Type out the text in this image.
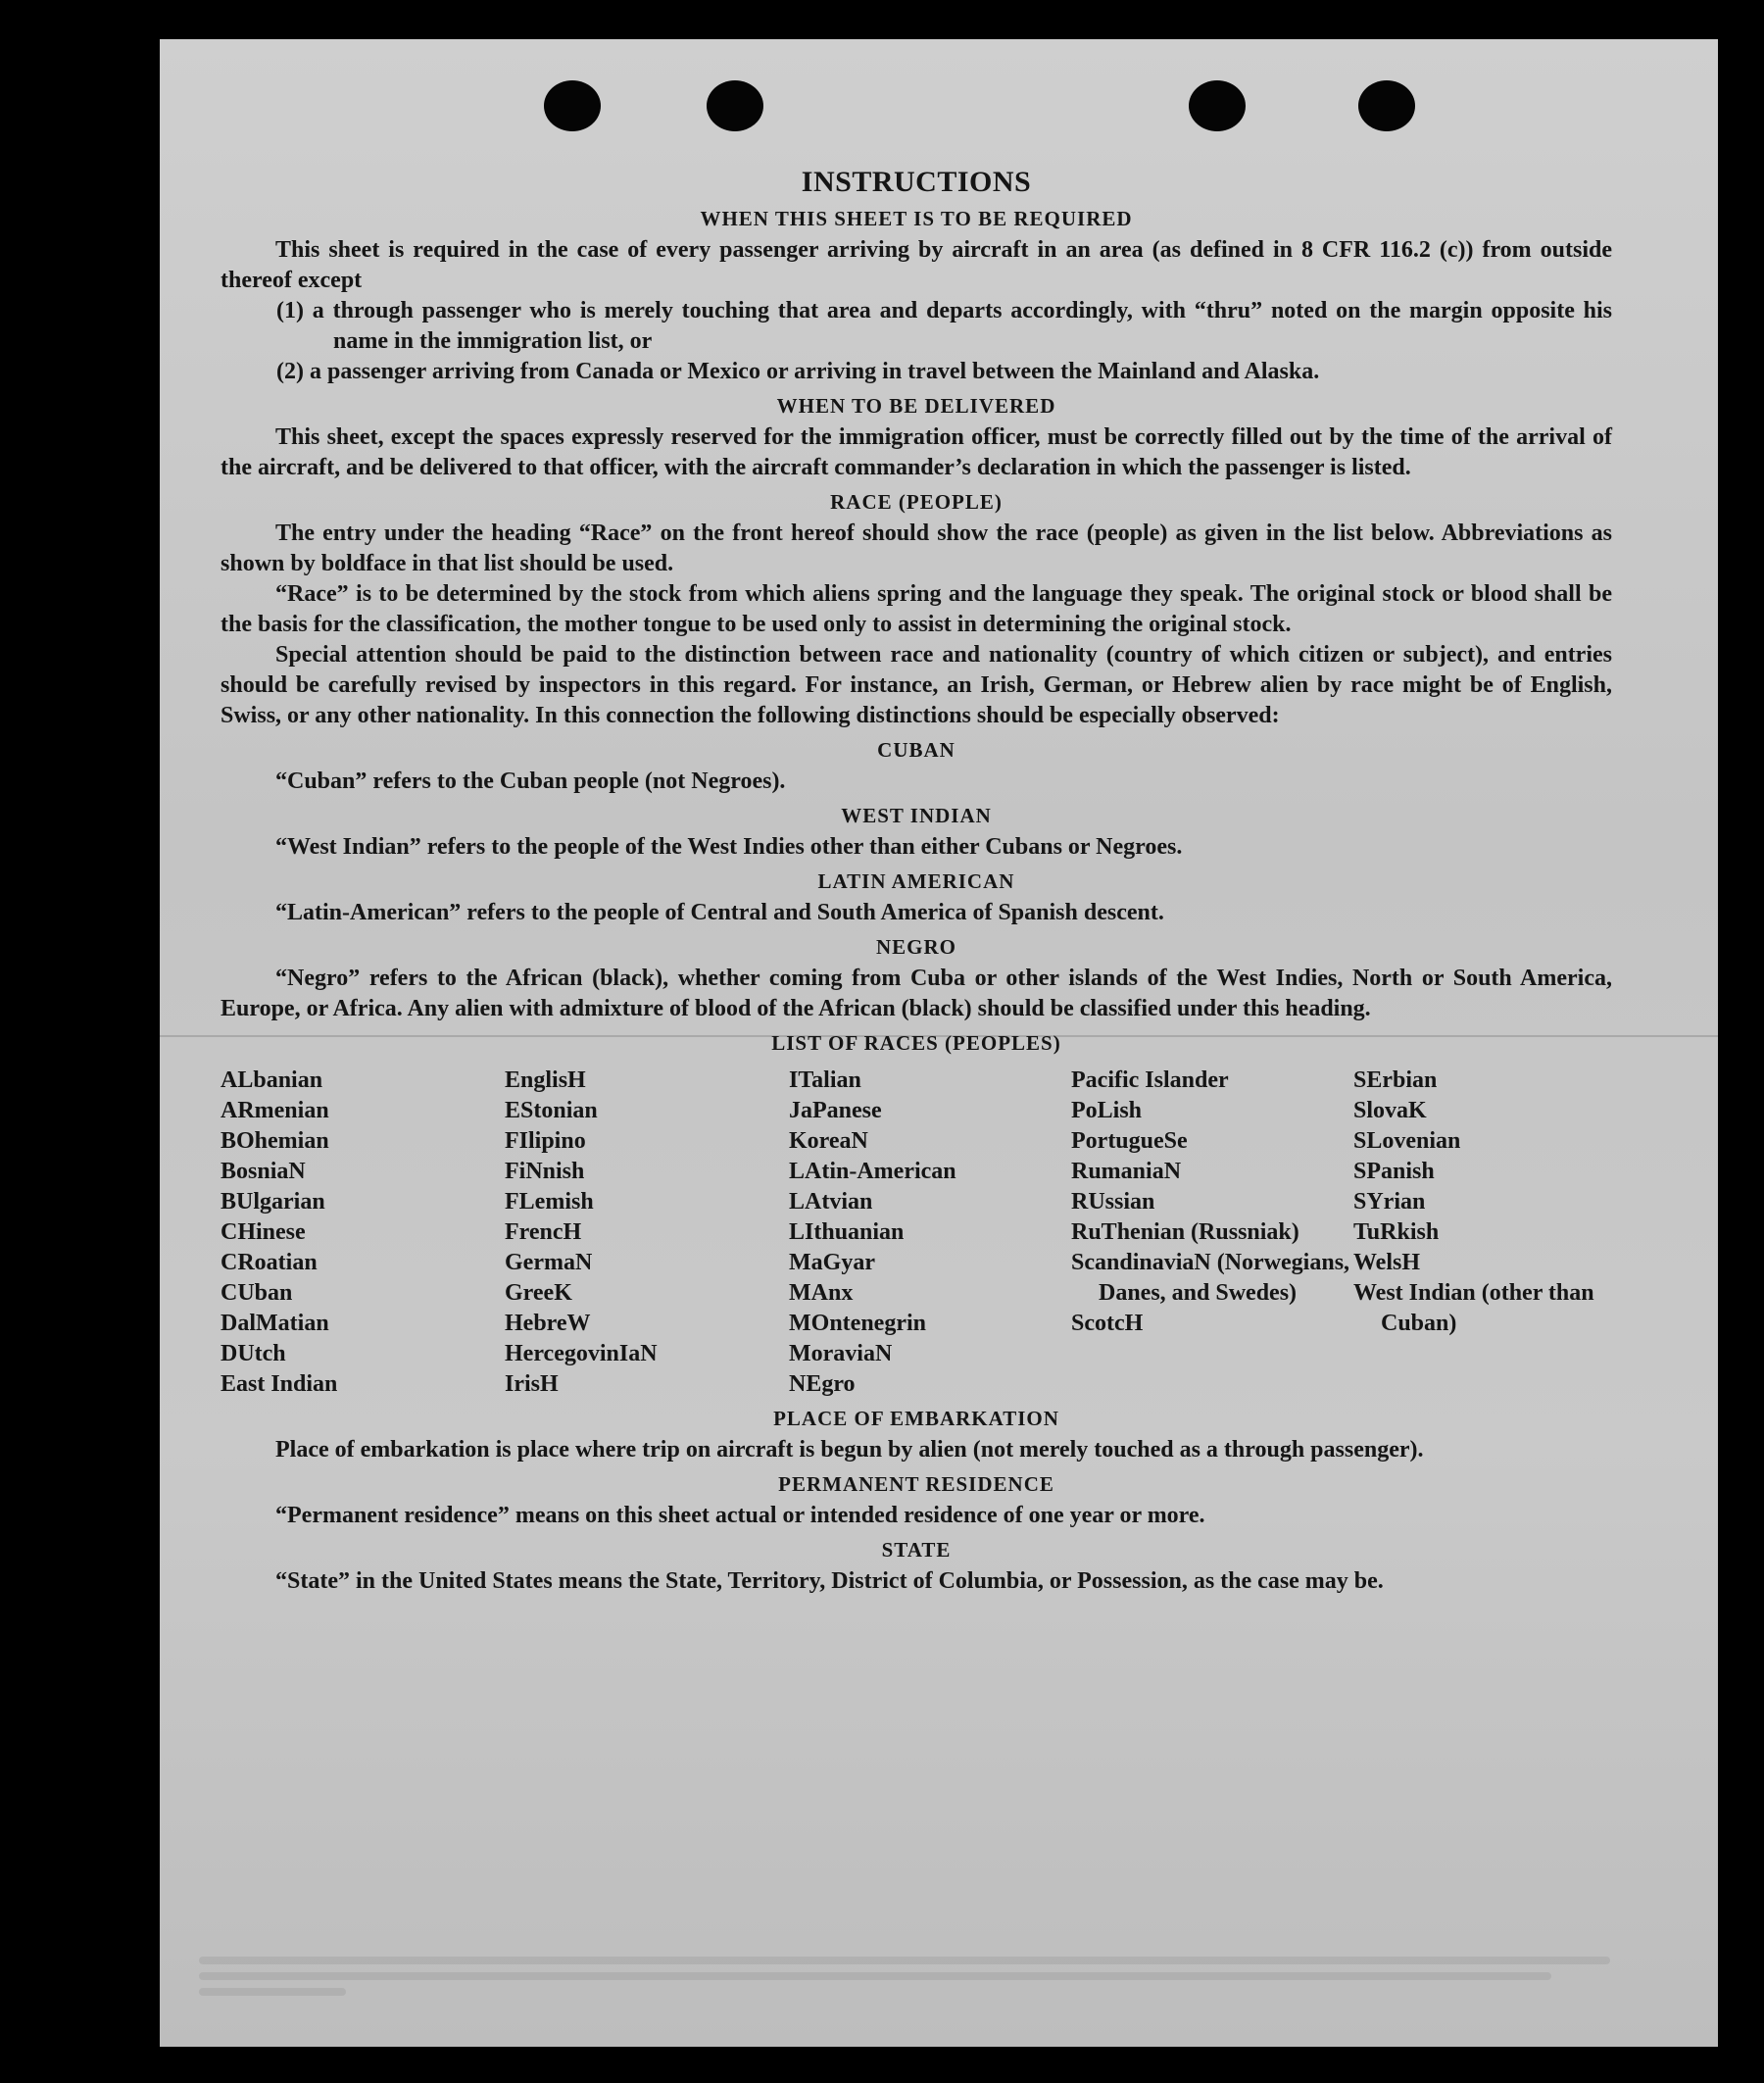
INSTRUCTIONS
WHEN THIS SHEET IS TO BE REQUIRED

This sheet is required in the case of every passenger arriving by aircraft in an area (as defined in 8 CFR 116.2 (c)) from outside thereof except

(1) a through passenger who is merely touching that area and departs accordingly, with “thru” noted on the margin opposite his name in the immigration list, or

(2) a passenger arriving from Canada or Mexico or arriving in travel between the Mainland and Alaska.

WHEN TO BE DELIVERED

This sheet, except the spaces expressly reserved for the immigration officer, must be correctly filled out by the time of the arrival of the aircraft, and be delivered to that officer, with the aircraft commander’s declaration in which the passenger is listed.

RACE (PEOPLE)

The entry under the heading “Race” on the front hereof should show the race (people) as given in the list below. Abbreviations as shown by boldface in that list should be used.

“Race” is to be determined by the stock from which aliens spring and the language they speak. The original stock or blood shall be the basis for the classification, the mother tongue to be used only to assist in determining the original stock.

Special attention should be paid to the distinction between race and nationality (country of which citizen or subject), and entries should be carefully revised by inspectors in this regard. For instance, an Irish, German, or Hebrew alien by race might be of English, Swiss, or any other nationality. In this connection the following distinctions should be especially observed:

CUBAN

“Cuban” refers to the Cuban people (not Negroes).

WEST INDIAN

“West Indian” refers to the people of the West Indies other than either Cubans or Negroes.

LATIN AMERICAN

“Latin-American” refers to the people of Central and South America of Spanish descent.

NEGRO

“Negro” refers to the African (black), whether coming from Cuba or other islands of the West Indies, North or South America, Europe, or Africa. Any alien with admixture of blood of the African (black) should be classified under this heading.

LIST OF RACES (PEOPLES)
ALbanian
ARmenian
BOhemian
BosniaN
BUlgarian
CHinese
CRoatian
CUban
DalMatian
DUtch
East Indian
EnglisH
EStonian
FIlipino
FiNnish
FLemish
FrencH
GermaN
GreeK
HebreW
HercegovinIaN
IrisH
ITalian
JaPanese
KoreaN
LAtin-American
LAtvian
LIthuanian
MaGyar
MAnx
MOntenegrin
MoraviaN
NEgro
Pacific Islander
PoLish
PortugueSe
RumaniaN
RUssian
RuThenian (Russniak)
ScandinaviaN (Norwegians, Danes, and Swedes)
ScotcH
SErbian
SlovaK
SLovenian
SPanish
SYrian
TuRkish
WelsH
West Indian (other than Cuban)
PLACE OF EMBARKATION

Place of embarkation is place where trip on aircraft is begun by alien (not merely touched as a through passenger).

PERMANENT RESIDENCE

“Permanent residence” means on this sheet actual or intended residence of one year or more.

STATE

“State” in the United States means the State, Territory, District of Columbia, or Possession, as the case may be.
